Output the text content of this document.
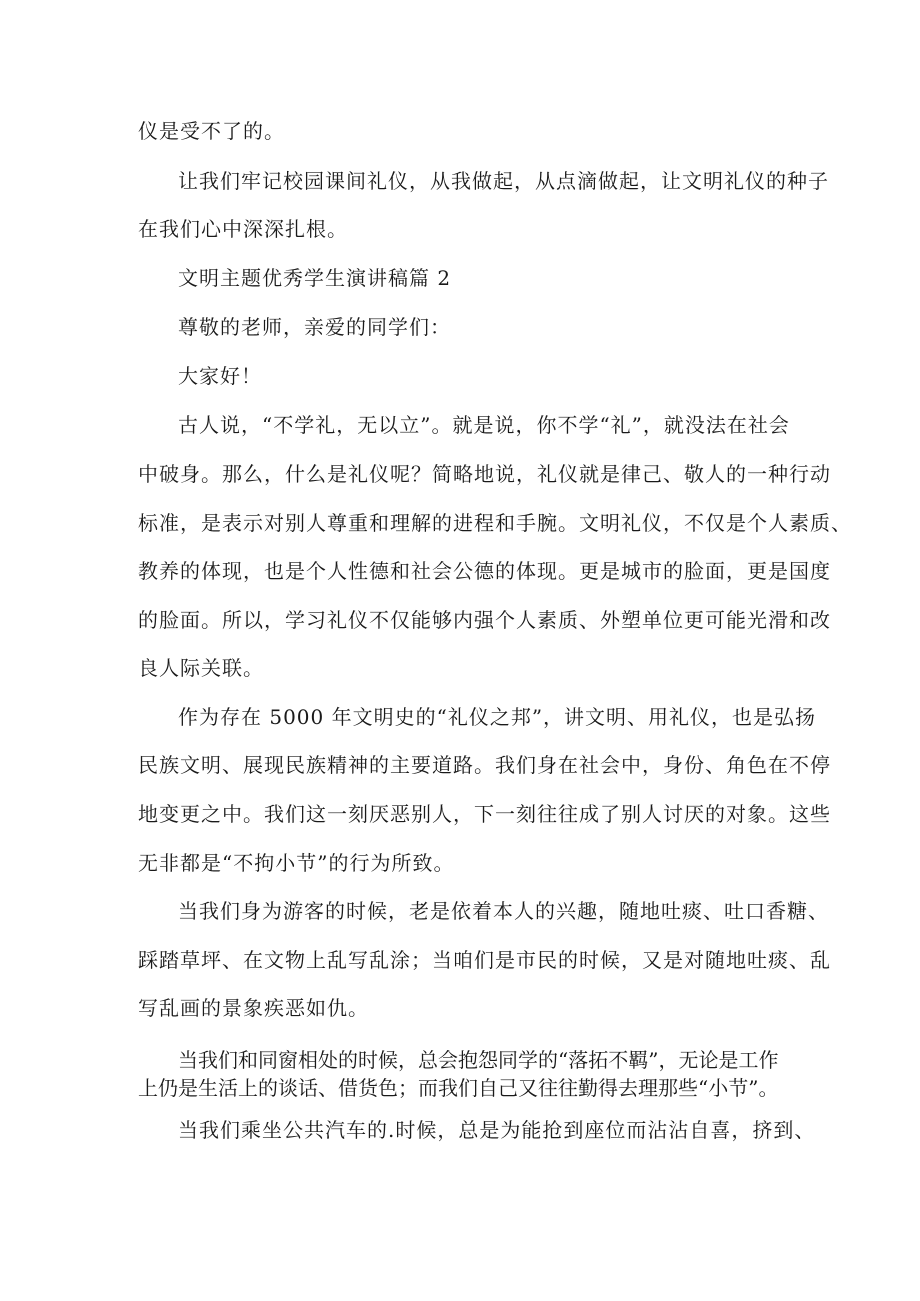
仪是受不了的。
让我们牢记校园课间礼仪，从我做起，从点滴做起，让文明礼仪的种子
在我们心中深深扎根。
文明主题优秀学生演讲稿篇 2
尊敬的老师，亲爱的同学们：
大家好！
古人说，“不学礼，无以立”。就是说，你不学“礼”，就没法在社会
中破身。那么，什么是礼仪呢？简略地说，礼仪就是律己、敬人的一种行动
标准，是表示对别人尊重和理解的进程和手腕。文明礼仪，不仅是个人素质、
教养的体现，也是个人性德和社会公德的体现。更是城市的脸面，更是国度
的脸面。所以，学习礼仪不仅能够内强个人素质、外塑单位更可能光滑和改
良人际关联。
作为存在 5000 年文明史的“礼仪之邦”，讲文明、用礼仪，也是弘扬
民族文明、展现民族精神的主要道路。我们身在社会中，身份、角色在不停
地变更之中。我们这一刻厌恶别人，下一刻往往成了别人讨厌的对象。这些
无非都是“不拘小节”的行为所致。
当我们身为游客的时候，老是依着本人的兴趣，随地吐痰、吐口香糖、
踩踏草坪、在文物上乱写乱涂；当咱们是市民的时候，又是对随地吐痰、乱
写乱画的景象疾恶如仇。
当我们和同窗相处的时候，总会抱怨同学的“落拓不羁”，无论是工作
上仍是生活上的谈话、借货色；而我们自己又往往勤得去理那些“小节”。
当我们乘坐公共汽车的.时候，总是为能抢到座位而沾沾自喜，挤到、
